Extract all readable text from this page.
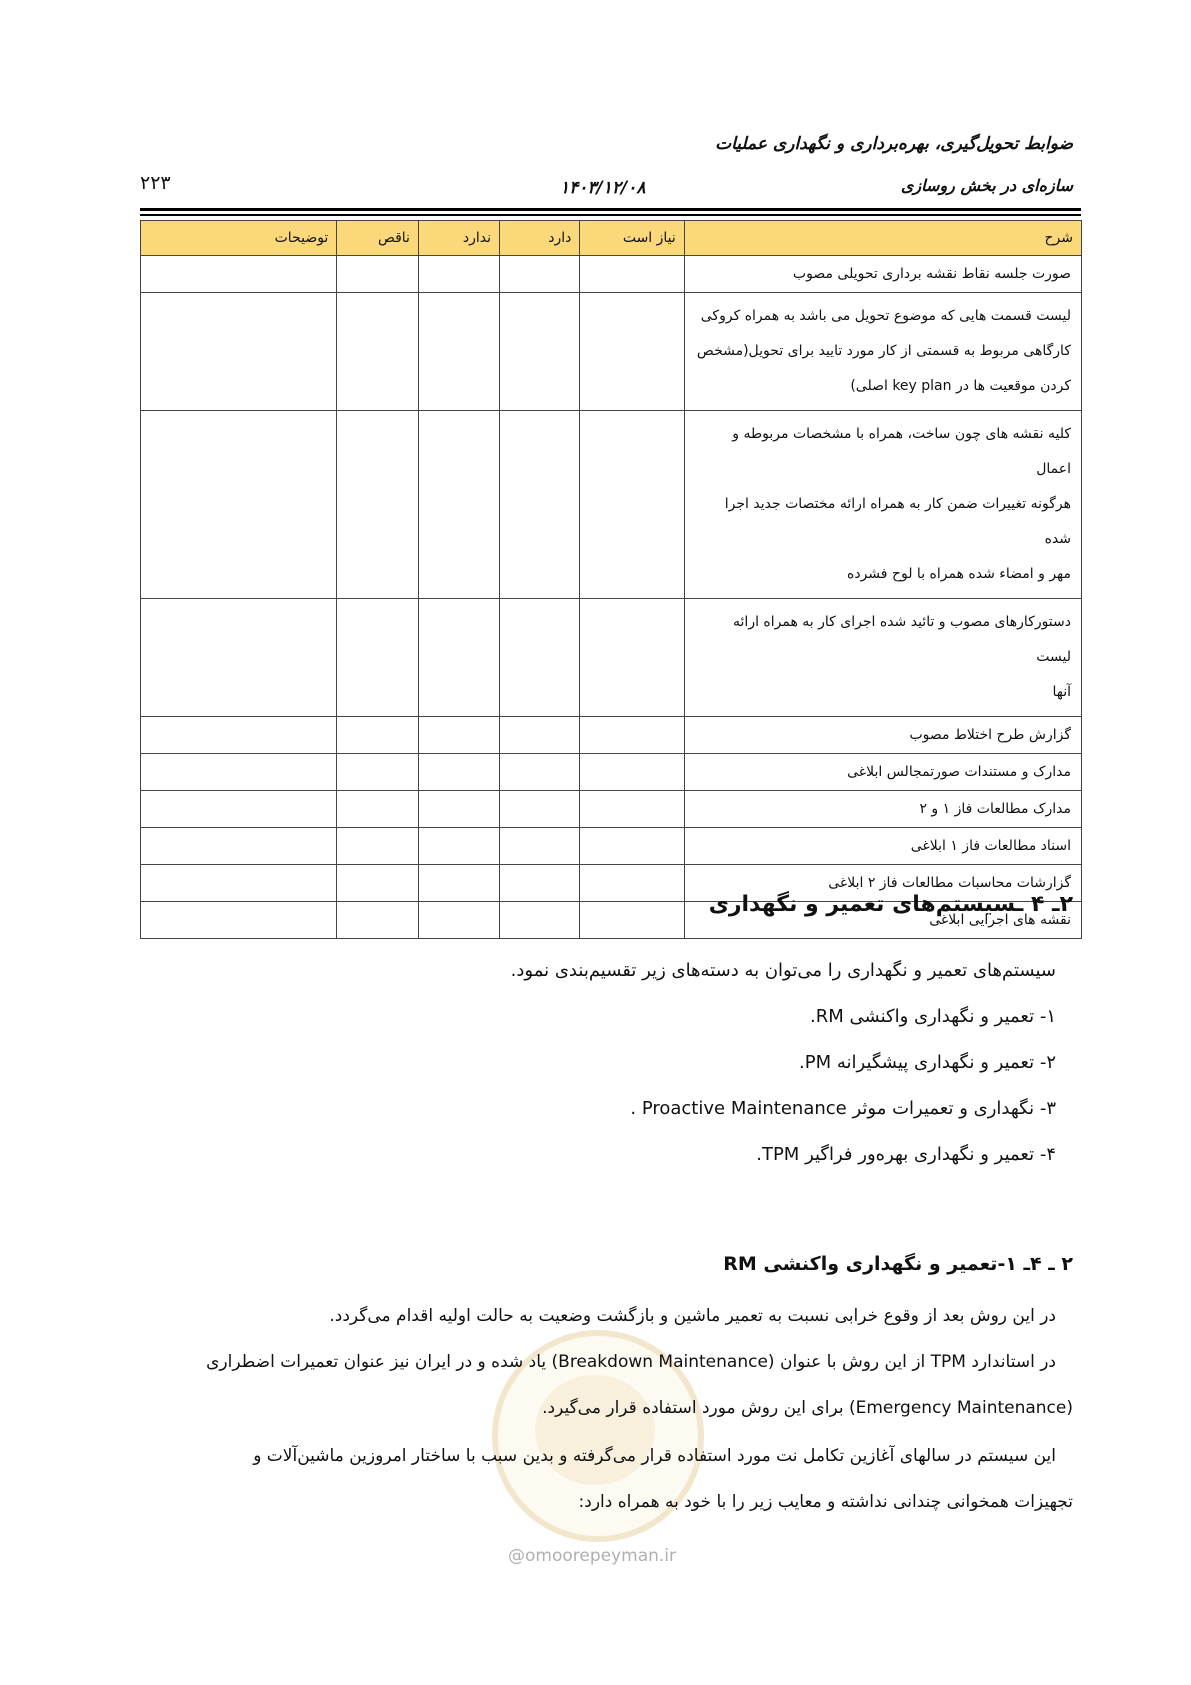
ضوابط تحویل‌گیری، بهره‌برداری و نگهداری عملیات
سازه‌ای در بخش روسازی
۱۴۰۳/۱۲/۰۸
۲۲۳
شرح	نیاز است	دارد	ندارد	ناقص	توضیحات

صورت جلسه نقاط نقشه برداری تحویلی مصوب					

لیست قسمت هایی که موضوع تحویل می باشد به همراه کروکی
کارگاهی مربوط به قسمتی از کار مورد تایید برای تحویل(مشخص
کردن موقعیت ها در key plan اصلی)					

کلیه نقشه های چون ساخت، همراه با مشخصات مربوطه و اعمال
هرگونه تغییرات ضمن کار به همراه ارائه مختصات جدید اجرا شده
مهر و امضاء شده همراه با لوح فشرده					

دستورکارهای مصوب و تائید شده اجرای کار به همراه ارائه لیست
آنها					

گزارش طرح اختلاط مصوب					

مدارک و مستندات صورتمجالس ابلاغی					

مدارک مطالعات فاز ۱ و ۲					

اسناد مطالعات فاز ۱ ابلاغی					

گزارشات محاسبات مطالعات فاز ۲ ابلاغی					

نقشه های اجرایی ابلاغی					

۲ـ ۴ ـسیستم‌های تعمیر و نگهداری
سیستم‌های تعمیر و نگهداری را می‌توان به دسته‌های زیر تقسیم‌بندی نمود.
۱- تعمیر و نگهداری واکنشی RM.
۲- تعمیر و نگهداری پیشگیرانه PM.
۳- نگهداری و تعمیرات موثر Proactive Maintenance .
۴- تعمیر و نگهداری بهره‌ور فراگیر TPM.
۲ ـ ۴ـ ۱-تعمیر و نگهداری واکنشی RM
در این روش بعد از وقوع خرابی نسبت به تعمیر ماشین و بازگشت وضعیت به حالت اولیه اقدام می‌گردد.
در استاندارد TPM از این روش با عنوان (Breakdown Maintenance) یاد شده و در ایران نیز عنوان تعمیرات اضطراری
(Emergency Maintenance) برای این روش مورد استفاده قرار می‌گیرد.
این سیستم در سالهای آغازین تکامل نت مورد استفاده قرار می‌گرفته و بدین سبب با ساختار امروزین ماشین‌آلات و
تجهیزات همخوانی چندانی نداشته و معایب زیر را با خود به همراه دارد:
@omoorepeyman.ir
